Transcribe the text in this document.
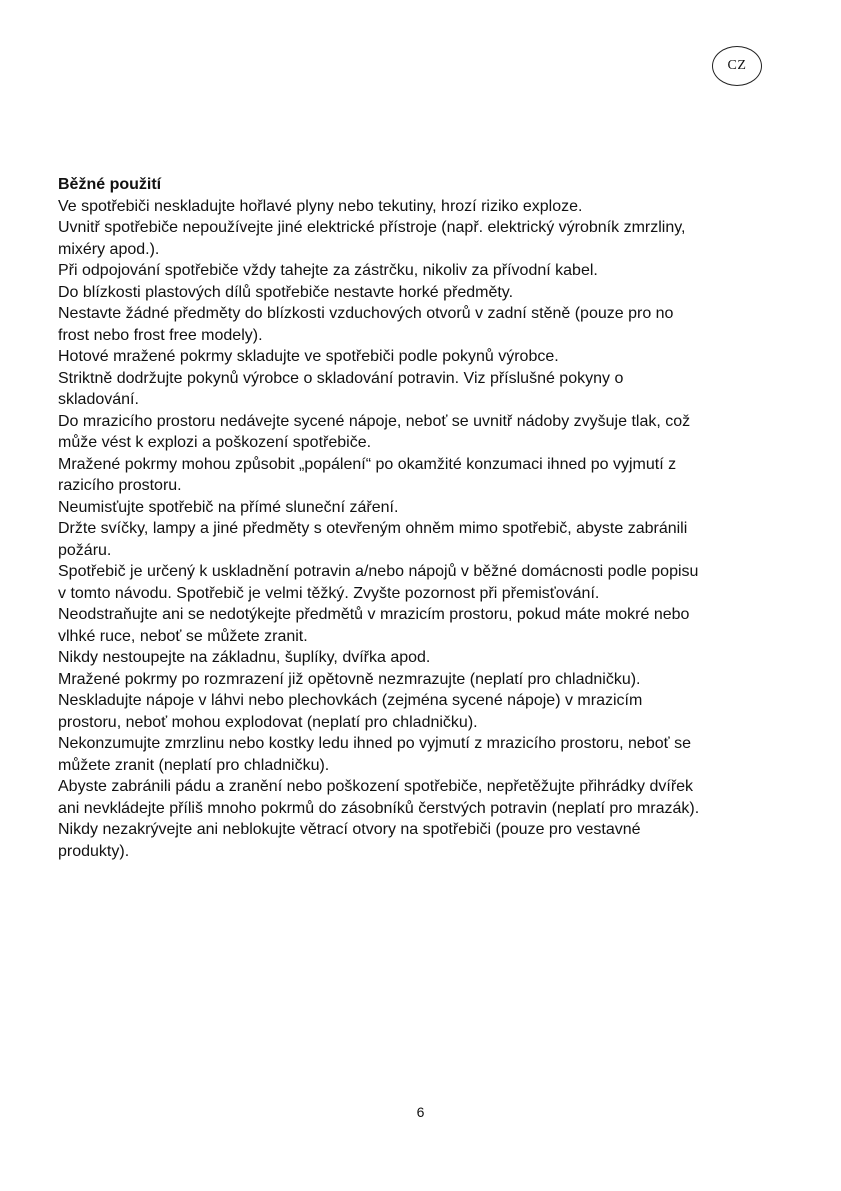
CZ
Běžné použití
Ve spotřebiči neskladujte hořlavé plyny nebo tekutiny, hrozí riziko exploze.
Uvnitř spotřebiče nepoužívejte jiné elektrické přístroje (např. elektrický výrobník zmrzliny,
mixéry apod.).
Při odpojování spotřebiče vždy tahejte za zástrčku, nikoliv za přívodní kabel.
Do blízkosti plastových dílů spotřebiče nestavte horké předměty.
Nestavte žádné předměty do blízkosti vzduchových otvorů v zadní stěně (pouze pro no
frost nebo frost free modely).
Hotové mražené pokrmy skladujte ve spotřebiči podle pokynů výrobce.
Striktně dodržujte pokynů výrobce o skladování potravin. Viz příslušné pokyny o
skladování.
Do mrazicího prostoru nedávejte sycené nápoje, neboť se uvnitř nádoby zvyšuje tlak, což
může vést k explozi a poškození spotřebiče.
Mražené pokrmy mohou způsobit „popálení“ po okamžité konzumaci ihned po vyjmutí z
razicího prostoru.
Neumisťujte spotřebič na přímé sluneční záření.
Držte svíčky, lampy a jiné předměty s otevřeným ohněm mimo spotřebič, abyste zabránili
požáru.
Spotřebič je určený k uskladnění potravin a/nebo nápojů v běžné domácnosti podle popisu
v tomto návodu. Spotřebič je velmi těžký. Zvyšte pozornost při přemisťování.
Neodstraňujte ani se nedotýkejte předmětů v mrazicím prostoru, pokud máte mokré nebo
vlhké ruce, neboť se můžete zranit.
Nikdy nestoupejte na základnu, šuplíky, dvířka apod.
Mražené pokrmy po rozmrazení již opětovně nezmrazujte (neplatí pro chladničku).
Neskladujte nápoje v láhvi nebo plechovkách (zejména sycené nápoje) v mrazicím
prostoru, neboť mohou explodovat (neplatí pro chladničku).
Nekonzumujte zmrzlinu nebo kostky ledu ihned po vyjmutí z mrazicího prostoru, neboť se
můžete zranit (neplatí pro chladničku).
Abyste zabránili pádu a zranění nebo poškození spotřebiče, nepřetěžujte přihrádky dvířek
ani nevkládejte příliš mnoho pokrmů do zásobníků čerstvých potravin (neplatí pro mrazák).
Nikdy nezakrývejte ani neblokujte větrací otvory na spotřebiči (pouze pro vestavné
produkty).
6
